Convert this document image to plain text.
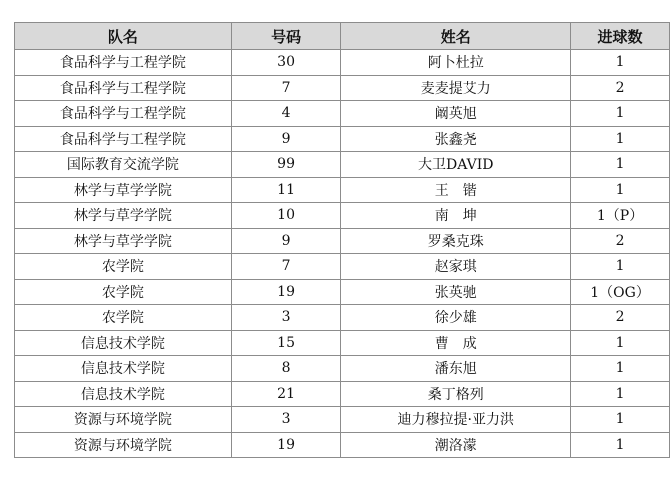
队名	号码	姓名	进球数
食品科学与工程学院	30	阿卜杜拉	1
食品科学与工程学院	7	麦麦提艾力	2
食品科学与工程学院	4	阚英旭	1
食品科学与工程学院	9	张鑫尧	1
国际教育交流学院	99	大卫DAVID	1
林学与草学学院	11	王　锴	1
林学与草学学院	10	南　坤	1（P）
林学与草学学院	9	罗桑克珠	2
农学院	7	赵家琪	1
农学院	19	张英驰	1（OG）
农学院	3	徐少雄	2
信息技术学院	15	曹　成	1
信息技术学院	8	潘东旭	1
信息技术学院	21	桑丁格列	1
资源与环境学院	3	迪力穆拉提·亚力洪	1
资源与环境学院	19	潮洛濛	1
